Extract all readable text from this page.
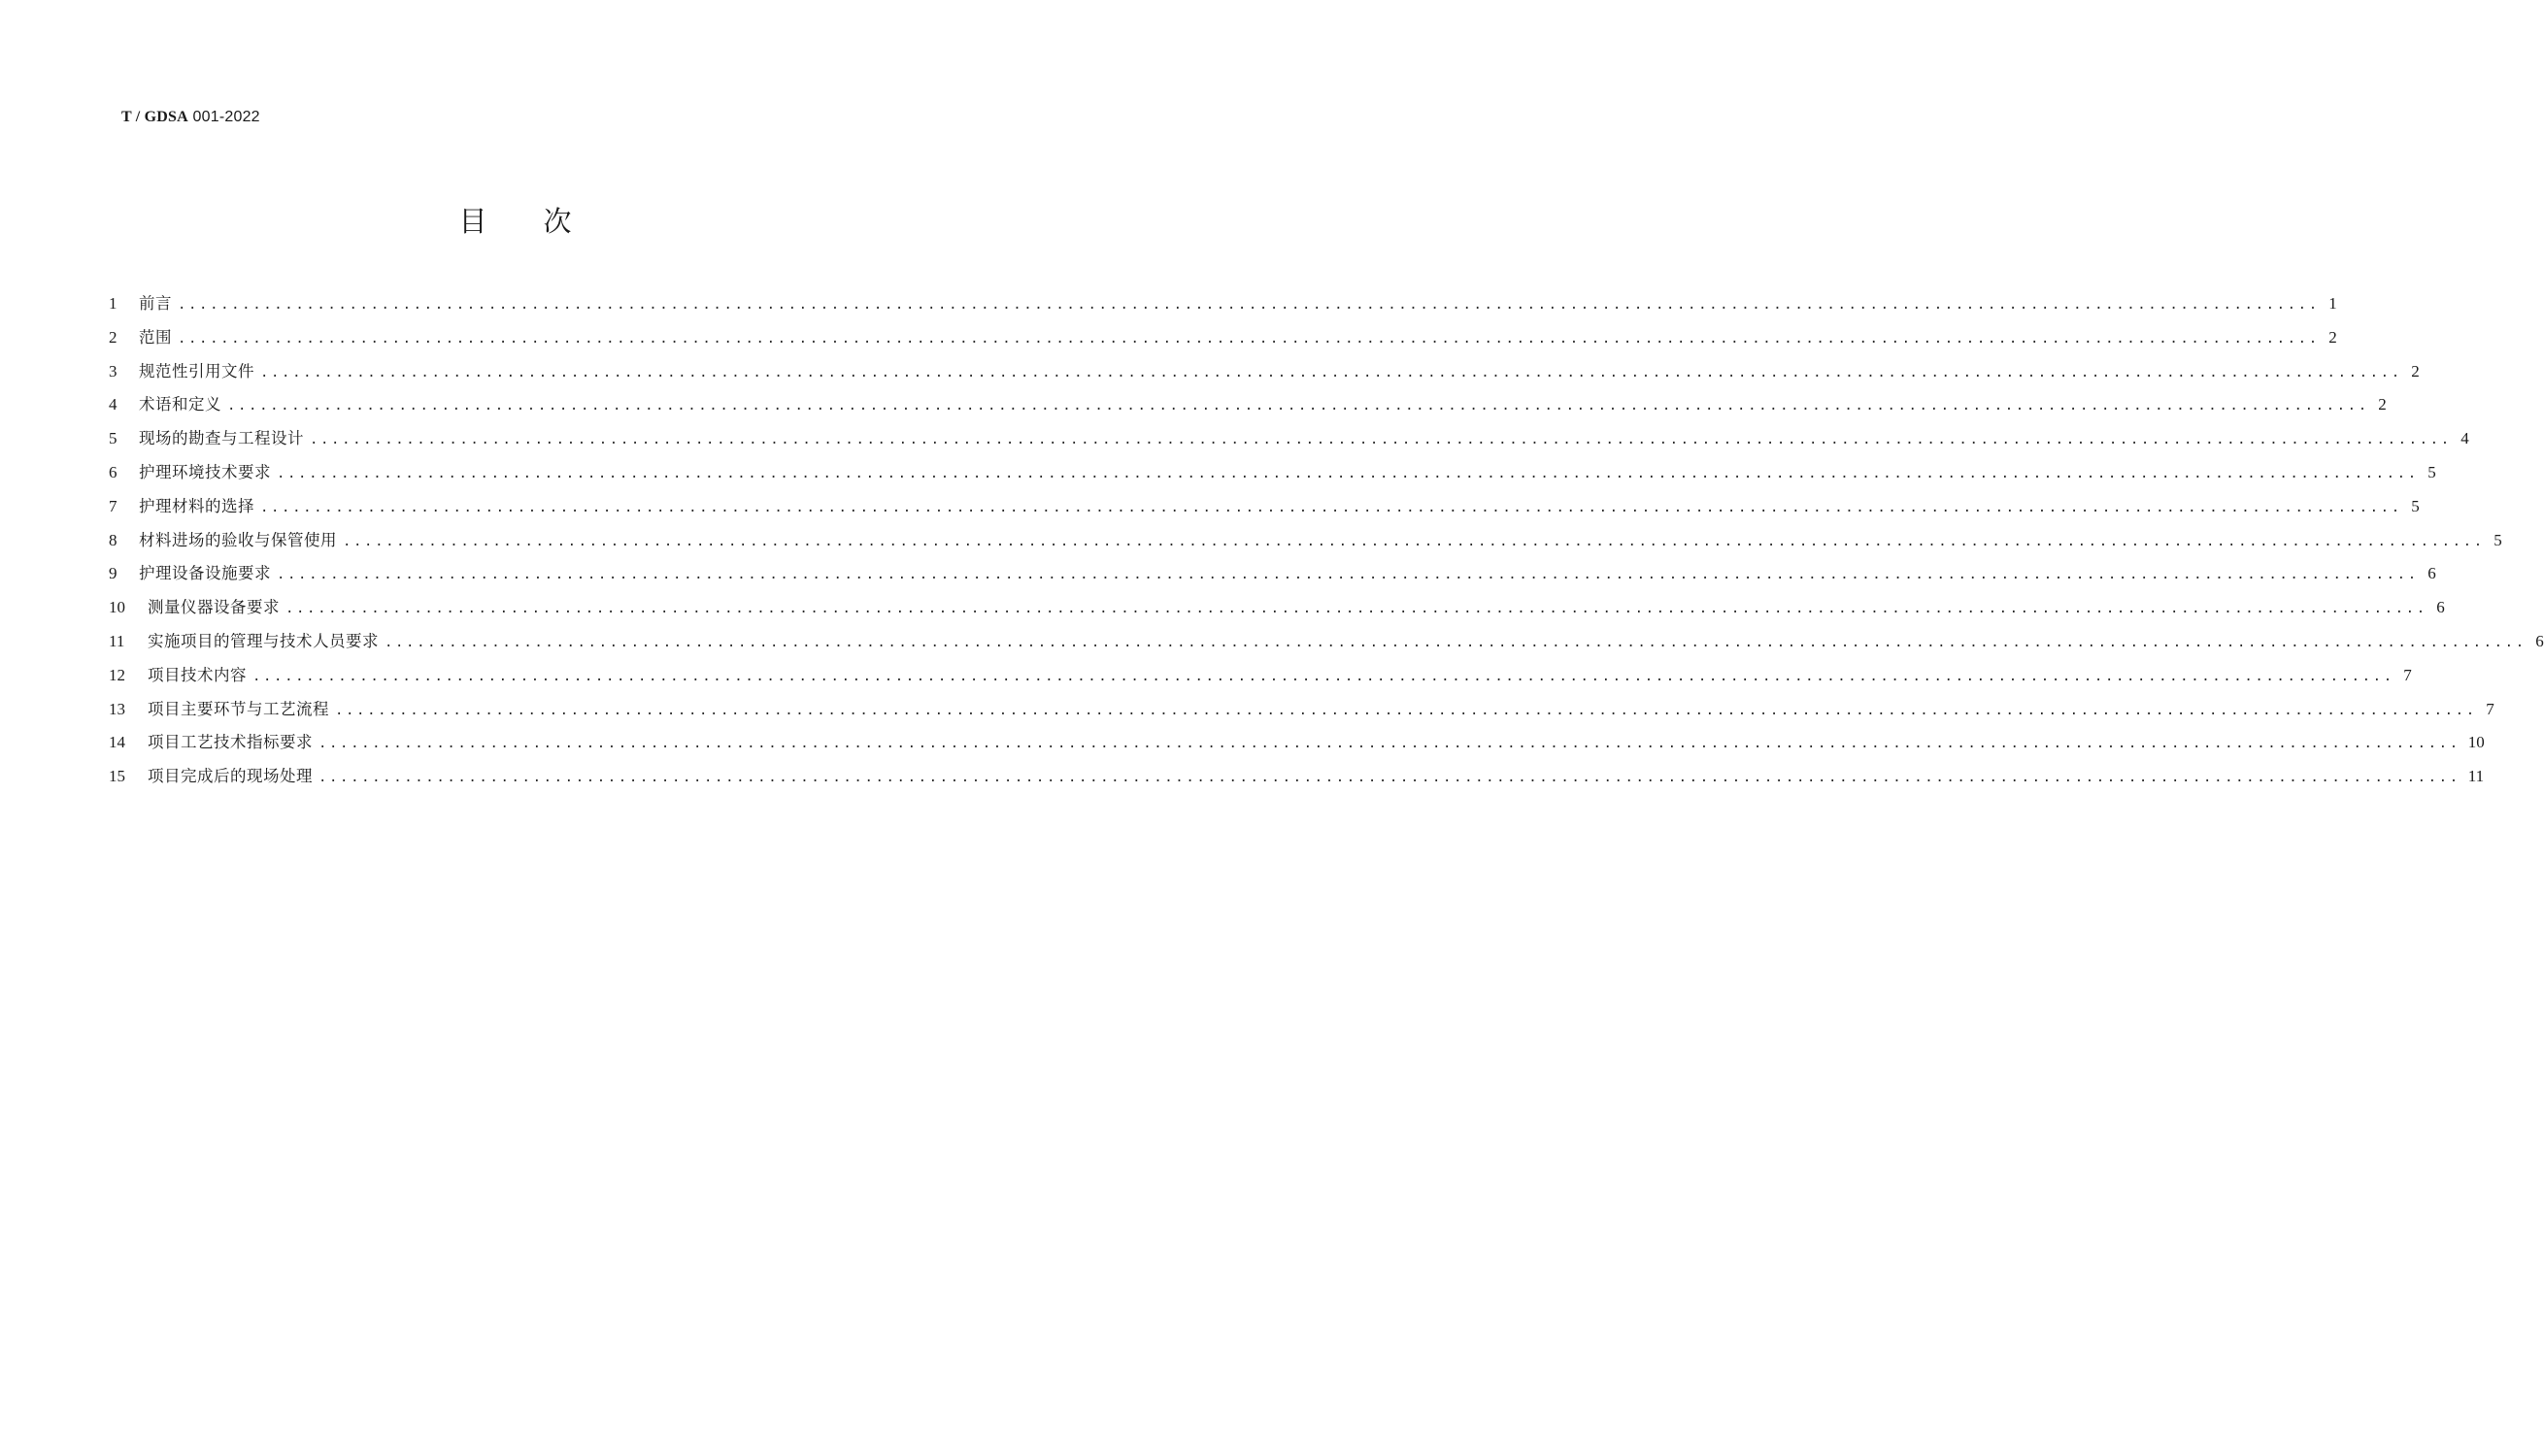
T / GDSA 001-2022
目次
1	前言 ........................................................................................................................................................................................................ 1
2	范围 ........................................................................................................................................................................................................ 2
3	规范性引用文件 ........................................................................................................................................................................................................ 2
4	术语和定义 ........................................................................................................................................................................................................ 2
5	现场的勘查与工程设计 ........................................................................................................................................................................................................ 4
6	护理环境技术要求 ........................................................................................................................................................................................................ 5
7	护理材料的选择 ........................................................................................................................................................................................................ 5
8	材料进场的验收与保管使用 ........................................................................................................................................................................................................ 5
9	护理设备设施要求 ........................................................................................................................................................................................................ 6
10	测量仪器设备要求 ........................................................................................................................................................................................................ 6
11	实施项目的管理与技术人员要求 ........................................................................................................................................................................................................ 6
12	项目技术内容 ........................................................................................................................................................................................................ 7
13	项目主要环节与工艺流程 ........................................................................................................................................................................................................ 7
14	项目工艺技术指标要求 ........................................................................................................................................................................................................ 10
15	项目完成后的现场处理 ........................................................................................................................................................................................................ 11
